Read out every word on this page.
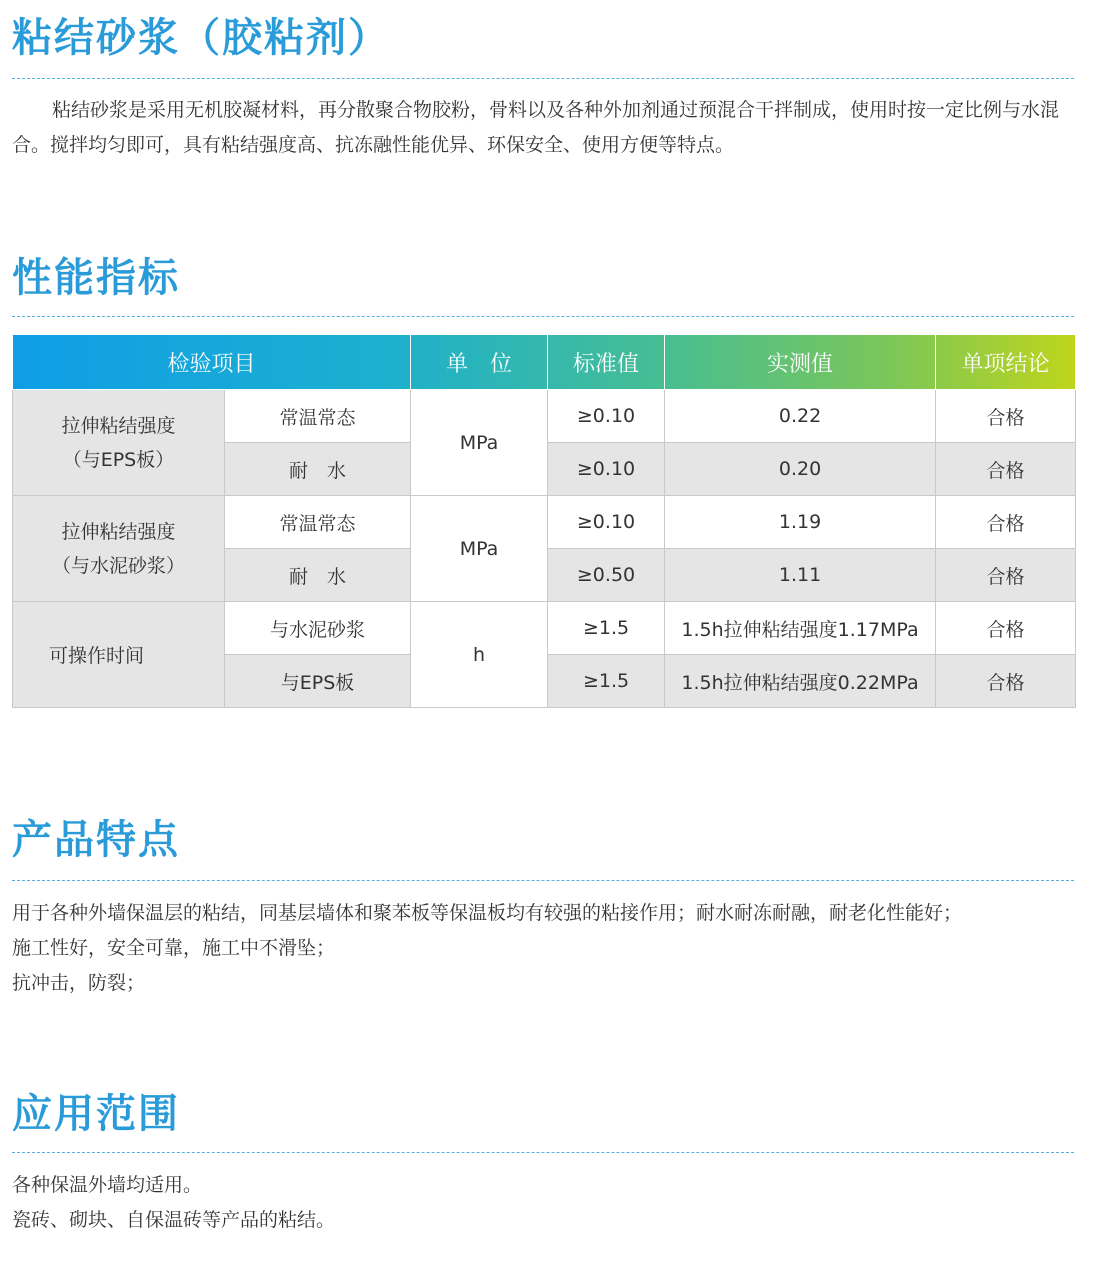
粘结砂浆（胶粘剂）

粘结砂浆是采用无机胶凝材料，再分散聚合物胶粉，骨料以及各种外加剂通过预混合干拌制成，使用时按一定比例与水混合。搅拌均匀即可，具有粘结强度高、抗冻融性能优异、环保安全、使用方便等特点。

性能指标
检验项目		单　位	标准值	实测值	单项结论
拉伸粘结强度
（与EPS板）	常温常态	MPa	≥0.10	0.22	合格
	耐　水		≥0.10	0.20	合格
拉伸粘结强度
（与水泥砂浆）	常温常态	MPa	≥0.10	1.19	合格
	耐　水		≥0.50	1.11	合格
可操作时间	与水泥砂浆	h	≥1.5	1.5h拉伸粘结强度1.17MPa	合格
	与EPS板		≥1.5	1.5h拉伸粘结强度0.22MPa	合格
产品特点
用于各种外墙保温层的粘结，同基层墙体和聚苯板等保温板均有较强的粘接作用；耐水耐冻耐融，耐老化性能好；
施工性好，安全可靠，施工中不滑坠；
抗冲击，防裂；
应用范围
各种保温外墙均适用。
瓷砖、砌块、自保温砖等产品的粘结。
